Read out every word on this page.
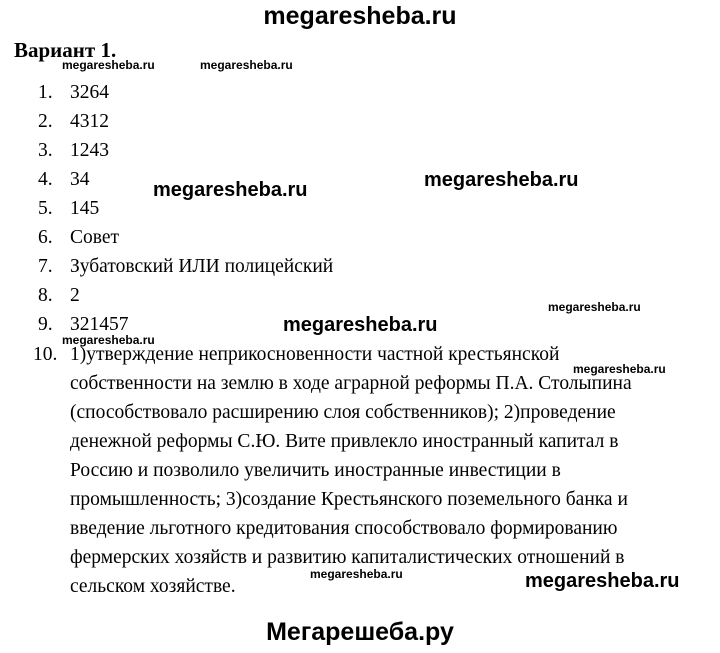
megaresheba.ru
Вариант 1.
megaresheba.ru	megaresheba.ru
megaresheba.ru	megaresheba.ru
megaresheba.ru
megaresheba.ru
megaresheba.ru
megaresheba.ru
megaresheba.ru	megaresheba.ru
1. 3264
2. 4312
3. 1243
4. 34
5. 145
6. Совет
7. Зубатовский ИЛИ полицейский
8. 2
9. 321457
10. 1)утверждение неприкосновенности частной крестьянской
собственности на землю в ходе аграрной реформы П.А. Столыпина
(способствовало расширению слоя собственников); 2)проведение
денежной реформы С.Ю. Вите привлекло иностранный капитал в
Россию и позволило увеличить иностранные инвестиции в
промышленность; 3)создание Крестьянского поземельного банка и
введение льготного кредитования способствовало формированию
фермерских хозяйств и развитию капиталистических отношений в
сельском хозяйстве.
Мегарешеба.ру
